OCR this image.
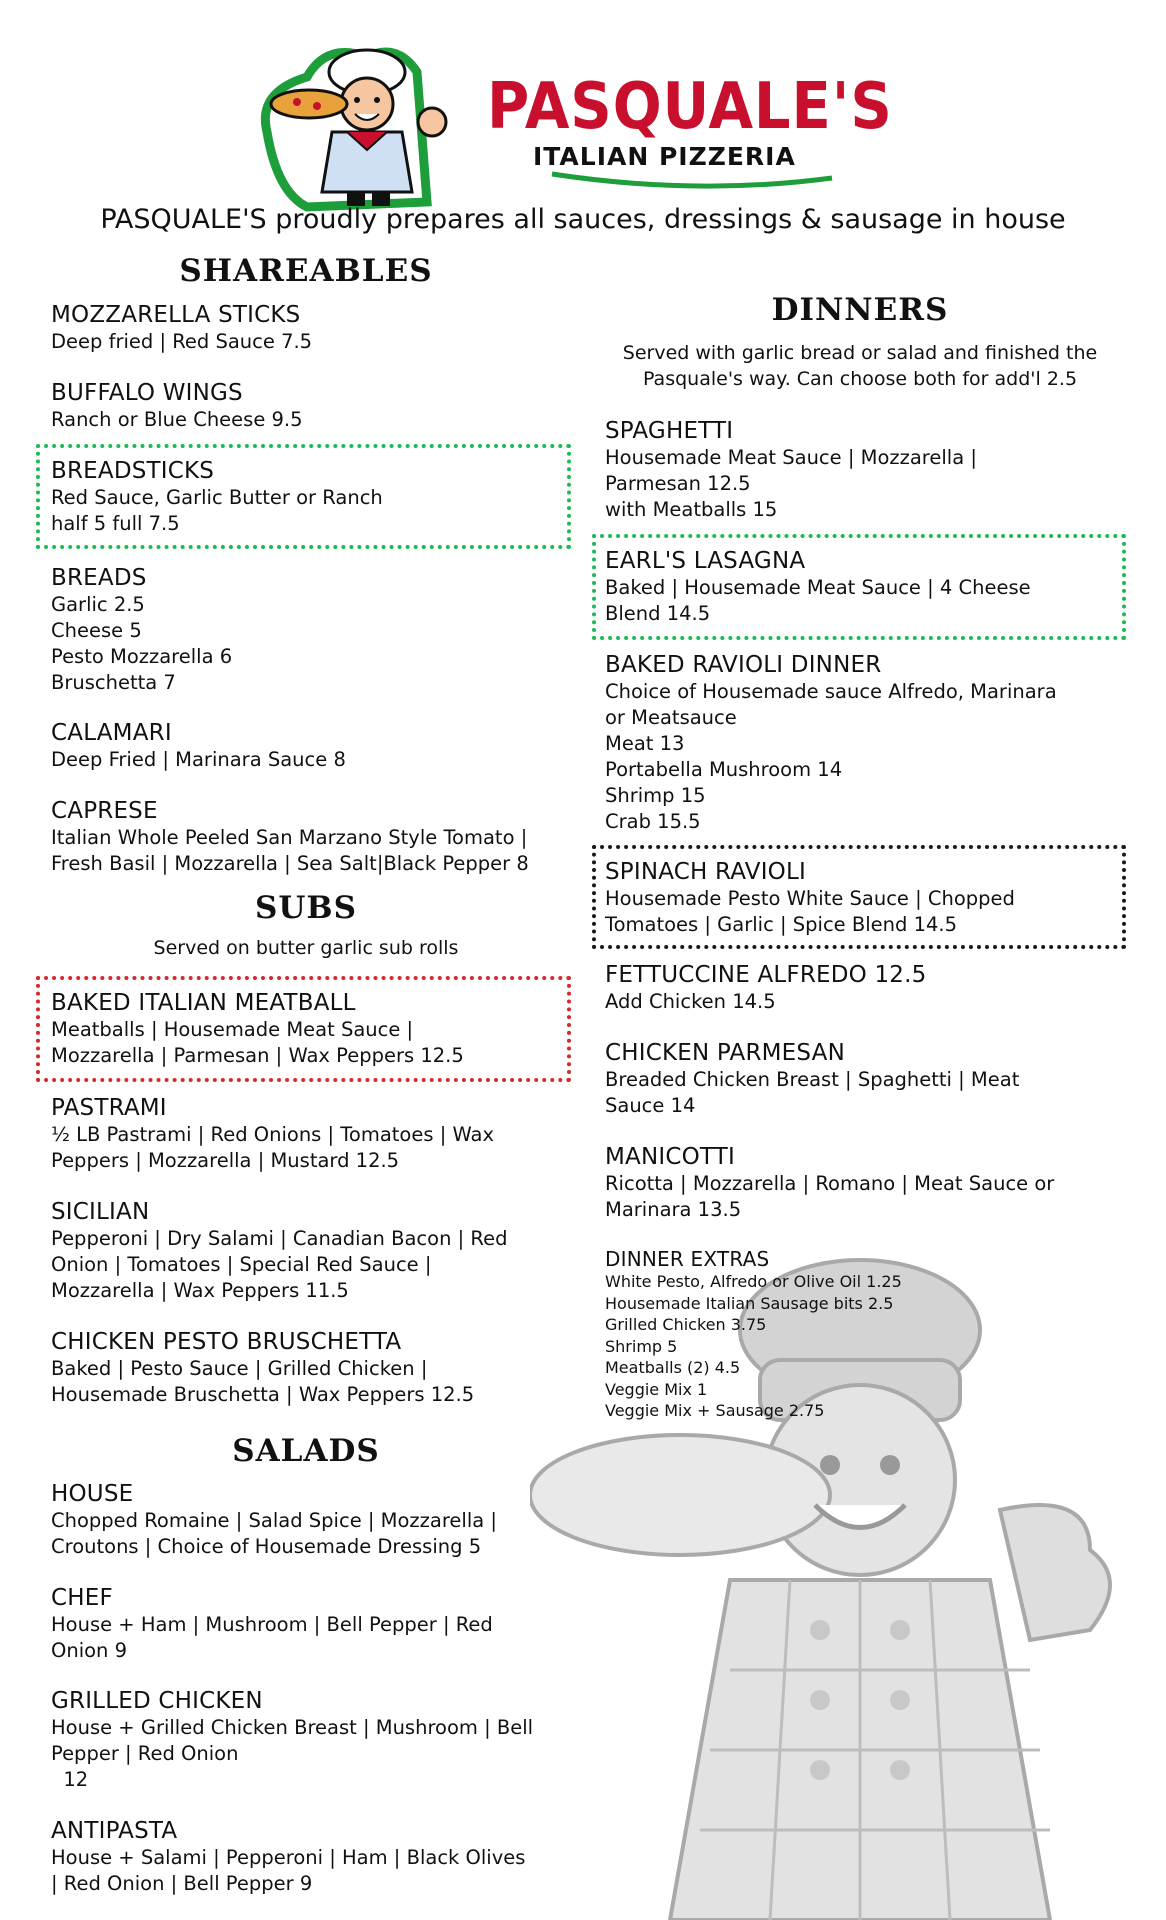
PASQUALE'S
ITALIAN PIZZERIA
PASQUALE'S proudly prepares all sauces, dressings & sausage in house
SHAREABLES
MOZZARELLA STICKS
Deep fried | Red Sauce 7.5
BUFFALO WINGS
Ranch or Blue Cheese 9.5
BREADSTICKS
Red Sauce, Garlic Butter or Ranch
half 5 full 7.5
BREADS
Garlic 2.5
Cheese 5
Pesto Mozzarella 6
Bruschetta 7
CALAMARI
Deep Fried | Marinara Sauce 8
CAPRESE
Italian Whole Peeled San Marzano Style Tomato |
Fresh Basil | Mozzarella | Sea Salt|Black Pepper 8
SUBS
Served on butter garlic sub rolls
BAKED ITALIAN MEATBALL
Meatballs | Housemade Meat Sauce |
Mozzarella | Parmesan | Wax Peppers 12.5
PASTRAMI
½ LB Pastrami | Red Onions | Tomatoes | Wax
Peppers | Mozzarella | Mustard 12.5
SICILIAN
Pepperoni | Dry Salami | Canadian Bacon | Red
Onion | Tomatoes | Special Red Sauce |
Mozzarella | Wax Peppers 11.5
CHICKEN PESTO BRUSCHETTA
Baked | Pesto Sauce | Grilled Chicken |
Housemade Bruschetta | Wax Peppers 12.5
SALADS
HOUSE
Chopped Romaine | Salad Spice | Mozzarella |
Croutons | Choice of Housemade Dressing 5
CHEF
House + Ham | Mushroom | Bell Pepper | Red
Onion 9
GRILLED CHICKEN
House + Grilled Chicken Breast | Mushroom | Bell
Pepper | Red Onion
12
ANTIPASTA
House + Salami | Pepperoni | Ham | Black Olives
| Red Onion | Bell Pepper 9
DINNERS
Served with garlic bread or salad and finished the
Pasquale's way. Can choose both for add'l 2.5
SPAGHETTI
Housemade Meat Sauce | Mozzarella |
Parmesan 12.5
with Meatballs 15
EARL'S LASAGNA
Baked | Housemade Meat Sauce | 4 Cheese
Blend 14.5
BAKED RAVIOLI DINNER
Choice of Housemade sauce Alfredo, Marinara
or Meatsauce
Meat 13
Portabella Mushroom 14
Shrimp 15
Crab 15.5
SPINACH RAVIOLI
Housemade Pesto White Sauce | Chopped
Tomatoes | Garlic | Spice Blend 14.5
FETTUCCINE ALFREDO 12.5
Add Chicken 14.5
CHICKEN PARMESAN
Breaded Chicken Breast | Spaghetti | Meat
Sauce 14
MANICOTTI
Ricotta | Mozzarella | Romano | Meat Sauce or
Marinara 13.5
DINNER EXTRAS
White Pesto, Alfredo or Olive Oil 1.25
Housemade Italian Sausage bits 2.5
Grilled Chicken 3.75
Shrimp 5
Meatballs (2) 4.5
Veggie Mix 1
Veggie Mix + Sausage 2.75
